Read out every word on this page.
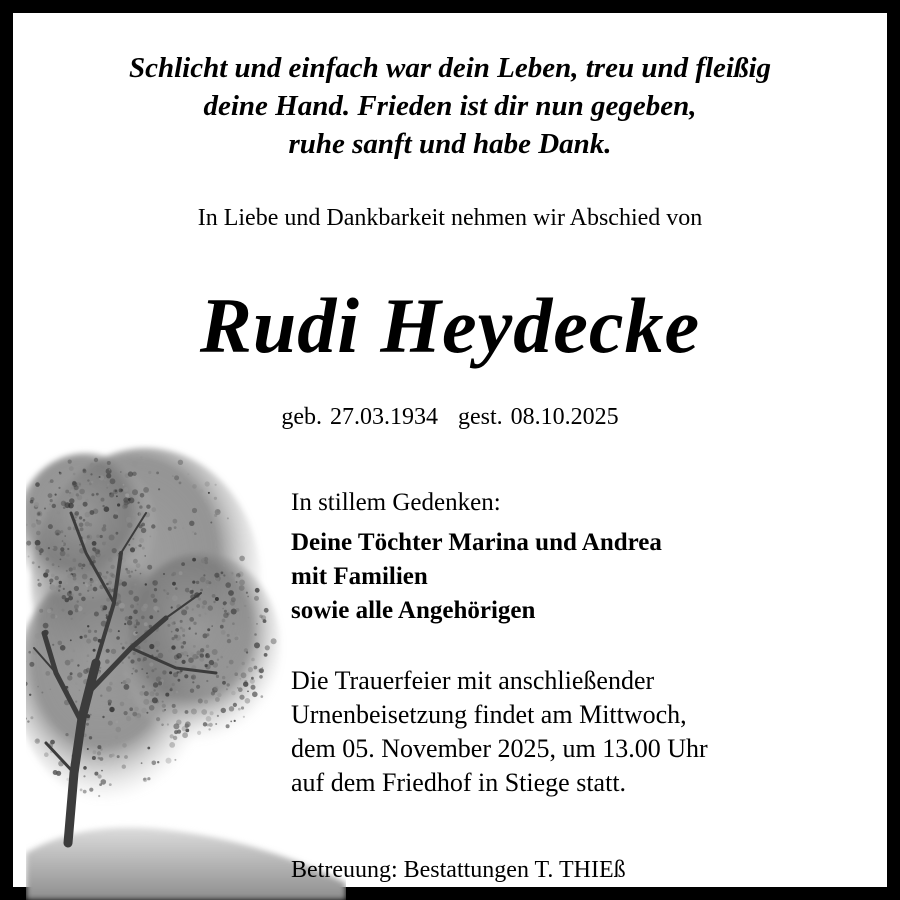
Schlicht und einfach war dein Leben, treu und fleißig
deine Hand. Frieden ist dir nun gegeben,
ruhe sanft und habe Dank.
In Liebe und Dankbarkeit nehmen wir Abschied von
Rudi Heydecke
geb. 27.03.1934 gest. 08.10.2025
In stillem Gedenken:
Deine Töchter Marina und Andrea
mit Familien
sowie alle Angehörigen
Die Trauerfeier mit anschließender
Urnenbeisetzung findet am Mittwoch,
dem 05. November 2025, um 13.00 Uhr
auf dem Friedhof in Stiege statt.
Betreuung: Bestattungen T. THIEß
